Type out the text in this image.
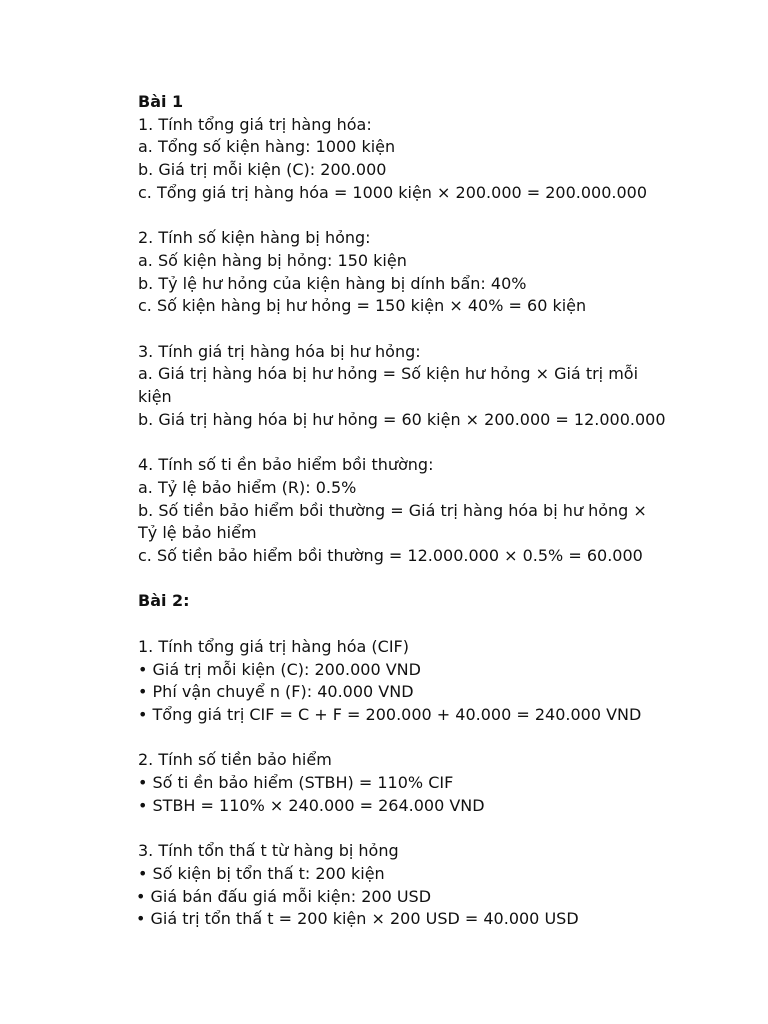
Bài 1
1. Tính tổng giá trị hàng hóa:
a. Tổng số kiện hàng: 1000 kiện
b. Giá trị mỗi kiện (C): 200.000
c. Tổng giá trị hàng hóa = 1000 kiện × 200.000 = 200.000.000
2. Tính số kiện hàng bị hỏng:
a. Số kiện hàng bị hỏng: 150 kiện
b. Tỷ lệ hư hỏng của kiện hàng bị dính bẩn: 40%
c. Số kiện hàng bị hư hỏng = 150 kiện × 40% = 60 kiện
3. Tính giá trị hàng hóa bị hư hỏng:
a. Giá trị hàng hóa bị hư hỏng = Số kiện hư hỏng × Giá trị mỗi
kiện
b. Giá trị hàng hóa bị hư hỏng = 60 kiện × 200.000 = 12.000.000
4. Tính số ti ền bảo hiểm bồi thường:
a. Tỷ lệ bảo hiểm (R): 0.5%
b. Số tiền bảo hiểm bồi thường = Giá trị hàng hóa bị hư hỏng ×
Tỷ lệ bảo hiểm
c. Số tiền bảo hiểm bồi thường = 12.000.000 × 0.5% = 60.000
Bài 2:
1. Tính tổng giá trị hàng hóa (CIF)
• Giá trị mỗi kiện (C): 200.000 VND
• Phí vận chuyể n (F): 40.000 VND
• Tổng giá trị CIF = C + F = 200.000 + 40.000 = 240.000 VND
2. Tính số tiền bảo hiểm
• Số ti ền bảo hiểm (STBH) = 110% CIF
• STBH = 110% × 240.000 = 264.000 VND
3. Tính tổn thấ t từ hàng bị hỏng
• Số kiện bị tổn thấ t: 200 kiện
• Giá bán đấu giá mỗi kiện: 200 USD
• Giá trị tổn thấ t = 200 kiện × 200 USD = 40.000 USD
